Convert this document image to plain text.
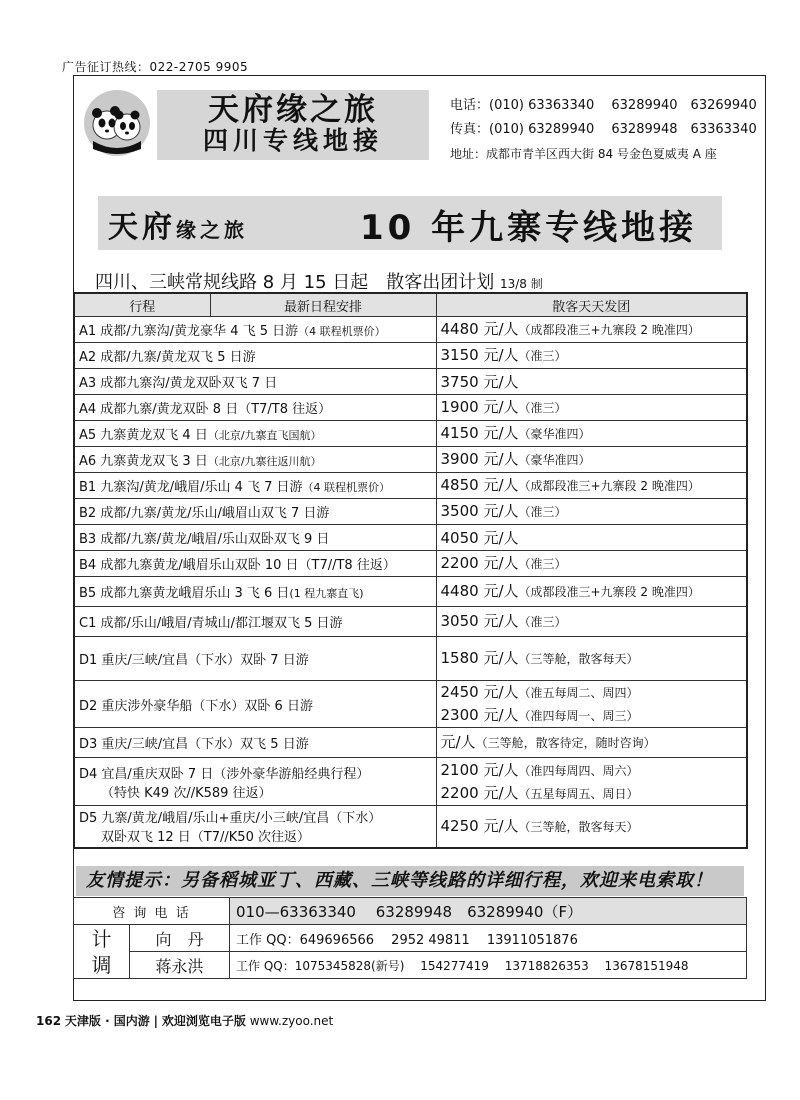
广告征订热线：022-2705 9905
天府缘之旅
四川专线地接
电话：(010) 63363340　 63289940　63269940
传真：(010) 63289940　 63289948　63363340
地址：成都市青羊区西大街 84 号金色夏威夷 A 座
天府缘之旅	10 年九寨专线地接
四川、三峡常规线路 8 月 15 日起　散客出团计划 13/8 制
行程	最新日程安排	散客天天发团
A1 成都/九寨沟/黄龙豪华 4 飞 5 日游（4 联程机票价）		4480 元/人（成都段准三+九寨段 2 晚准四）
A2 成都/九寨/黄龙双飞 5 日游		3150 元/人（准三）
A3 成都九寨沟/黄龙双卧双飞 7 日		3750 元/人
A4 成都九寨/黄龙双卧 8 日（T7/T8 往返）		1900 元/人（准三）
A5 九寨黄龙双飞 4 日（北京/九寨直飞国航）		4150 元/人（豪华准四）
A6 九寨黄龙双飞 3 日（北京/九寨往返川航）		3900 元/人（豪华准四）
B1 九寨沟/黄龙/峨眉/乐山 4 飞 7 日游（4 联程机票价）		4850 元/人（成都段准三+九寨段 2 晚准四）
B2 成都/九寨/黄龙/乐山/峨眉山双飞 7 日游		3500 元/人（准三）
B3 成都/九寨/黄龙/峨眉/乐山双卧双飞 9 日		4050 元/人
B4 成都九寨黄龙/峨眉乐山双卧 10 日（T7//T8 往返）		2200 元/人（准三）
B5 成都九寨黄龙峨眉乐山 3 飞 6 日(1 程九寨直飞)		4480 元/人（成都段准三+九寨段 2 晚准四）
C1 成都/乐山/峨眉/青城山/都江堰双飞 5 日游		3050 元/人（准三）
D1 重庆/三峡/宜昌（下水）双卧 7 日游		1580 元/人（三等舱，散客每天）
D2 重庆涉外豪华船（下水）双卧 6 日游		2450 元/人（准五每周二、周四）
2300 元/人（准四每周一、周三）
D3 重庆/三峡/宜昌（下水）双飞 5 日游		元/人（三等舱，散客待定，随时咨询）
D4 宜昌/重庆双卧 7 日（涉外豪华游船经典行程）
（特快 K49 次//K589 往返）		2100 元/人（准四每周四、周六）
2200 元/人（五星每周五、周日）
D5 九寨/黄龙/峨眉/乐山+重庆/小三峡/宜昌（下水）
双卧双飞 12 日（T7//K50 次往返）		4250 元/人（三等舱，散客每天）
友情提示：另备稻城亚丁、西藏、三峡等线路的详细行程，欢迎来电索取！
咨 询 电 话		010—63363340　 63289948　63289940（F）
计
调	向　丹	工作 QQ：649696566　 2952 49811　 13911051876
	蒋永洪	工作 QQ：1075345828(新号)　 154277419　 13718826353　 13678151948
162 天津版 · 国内游 | 欢迎浏览电子版 www.zyoo.net
